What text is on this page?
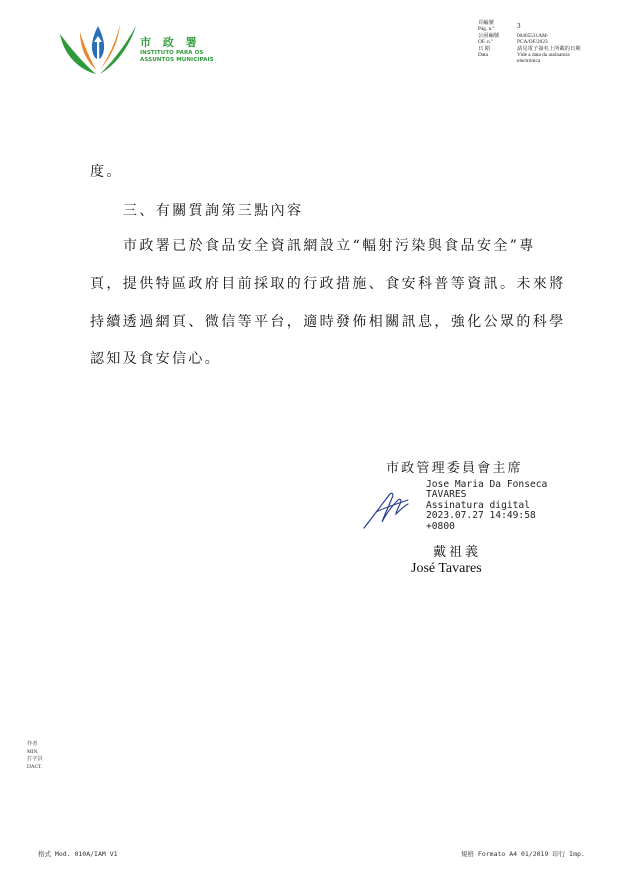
市 政 署
INSTITUTO PARA OS
ASSUNTOS MUNICIPAIS
頁編號
Pág. n.º	3
公函編號	00405531AM-
OF. n.º	PCA/OF/2023
日 期	請見電子簽名上所載的日期
Data	Vide a data da assinatura
electrónica
度。
三、有關質詢第三點內容
市政署已於食品安全資訊網設立“輻射污染與食品安全”專
頁，提供特區政府目前採取的行政措施、食安科普等資訊。未來將
持續透過網頁、微信等平台，適時發佈相關訊息，強化公眾的科學
認知及食安信心。
市政管理委員會主席
Jose Maria Da Fonseca
TAVARES
Assinatura digital
2023.07.27 14:49:58
+0800
戴祖義
José Tavares
作者
MIN.
打字員
DACT.
格式 Mod. 010A/IAM V1	規格 Formato A4 01/2019 印行 Imp.
